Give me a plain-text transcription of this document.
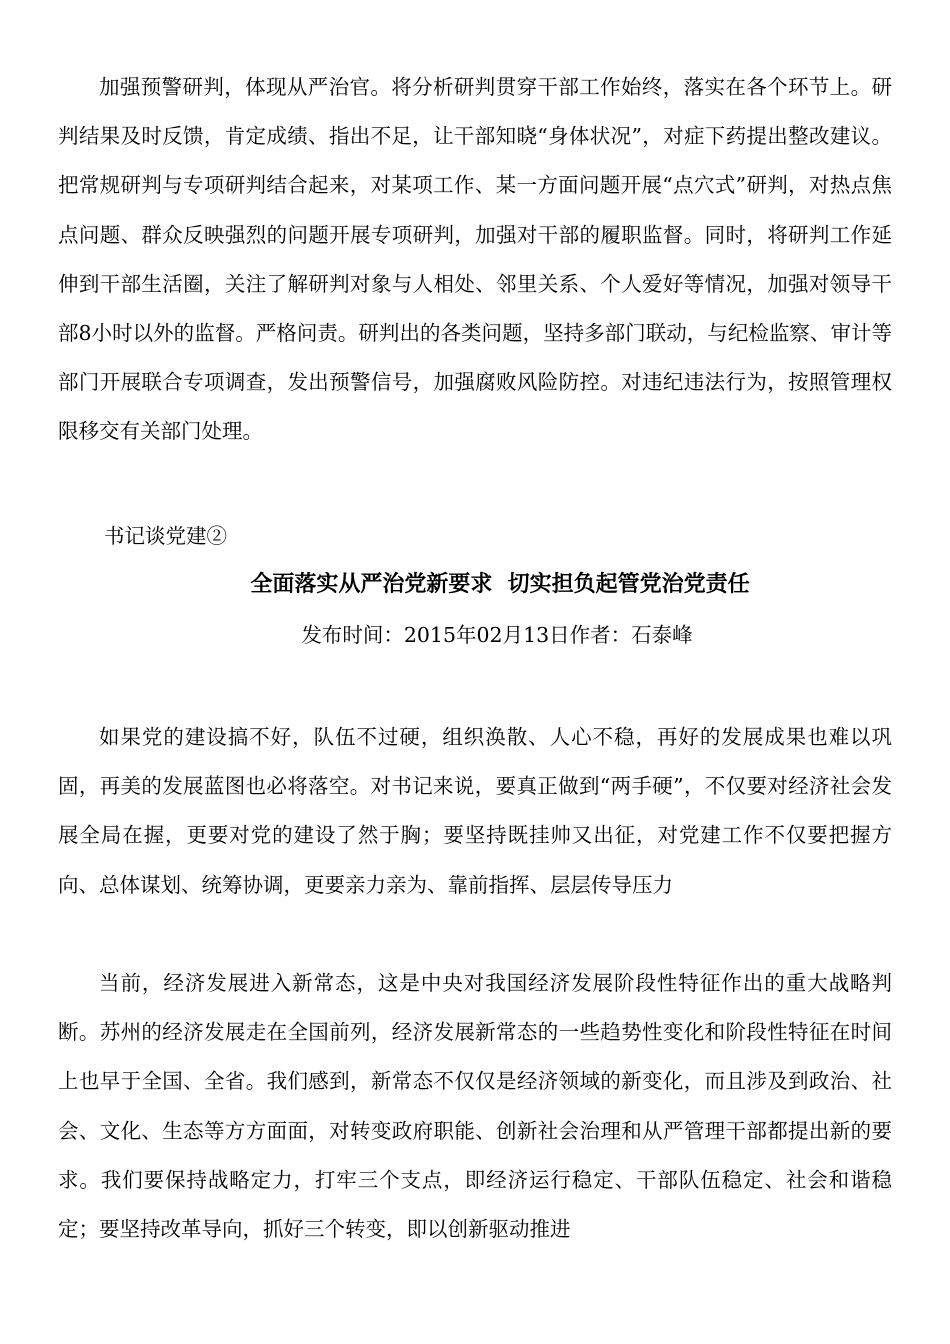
加强预警研判，体现从严治官。将分析研判贯穿干部工作始终，落实在各个环节上。研判结果及时反馈，肯定成绩、指出不足，让干部知晓“身体状况”，对症下药提出整改建议。把常规研判与专项研判结合起来，对某项工作、某一方面问题开展“点穴式”研判，对热点焦点问题、群众反映强烈的问题开展专项研判，加强对干部的履职监督。同时，将研判工作延伸到干部生活圈，关注了解研判对象与人相处、邻里关系、个人爱好等情况，加强对领导干部8小时以外的监督。严格问责。研判出的各类问题，坚持多部门联动，与纪检监察、审计等部门开展联合专项调查，发出预警信号，加强腐败风险防控。对违纪违法行为，按照管理权限移交有关部门处理。

书记谈党建②

全面落实从严治党新要求  切实担负起管党治党责任

发布时间：2015年02月13日作者：石泰峰

如果党的建设搞不好，队伍不过硬，组织涣散、人心不稳，再好的发展成果也难以巩固，再美的发展蓝图也必将落空。对书记来说，要真正做到“两手硬”，不仅要对经济社会发展全局在握，更要对党的建设了然于胸；要坚持既挂帅又出征，对党建工作不仅要把握方向、总体谋划、统筹协调，更要亲力亲为、靠前指挥、层层传导压力

当前，经济发展进入新常态，这是中央对我国经济发展阶段性特征作出的重大战略判断。苏州的经济发展走在全国前列，经济发展新常态的一些趋势性变化和阶段性特征在时间上也早于全国、全省。我们感到，新常态不仅仅是经济领域的新变化，而且涉及到政治、社会、文化、生态等方方面面，对转变政府职能、创新社会治理和从严管理干部都提出新的要求。我们要保持战略定力，打牢三个支点，即经济运行稳定、干部队伍稳定、社会和谐稳定；要坚持改革导向，抓好三个转变，即以创新驱动推进
